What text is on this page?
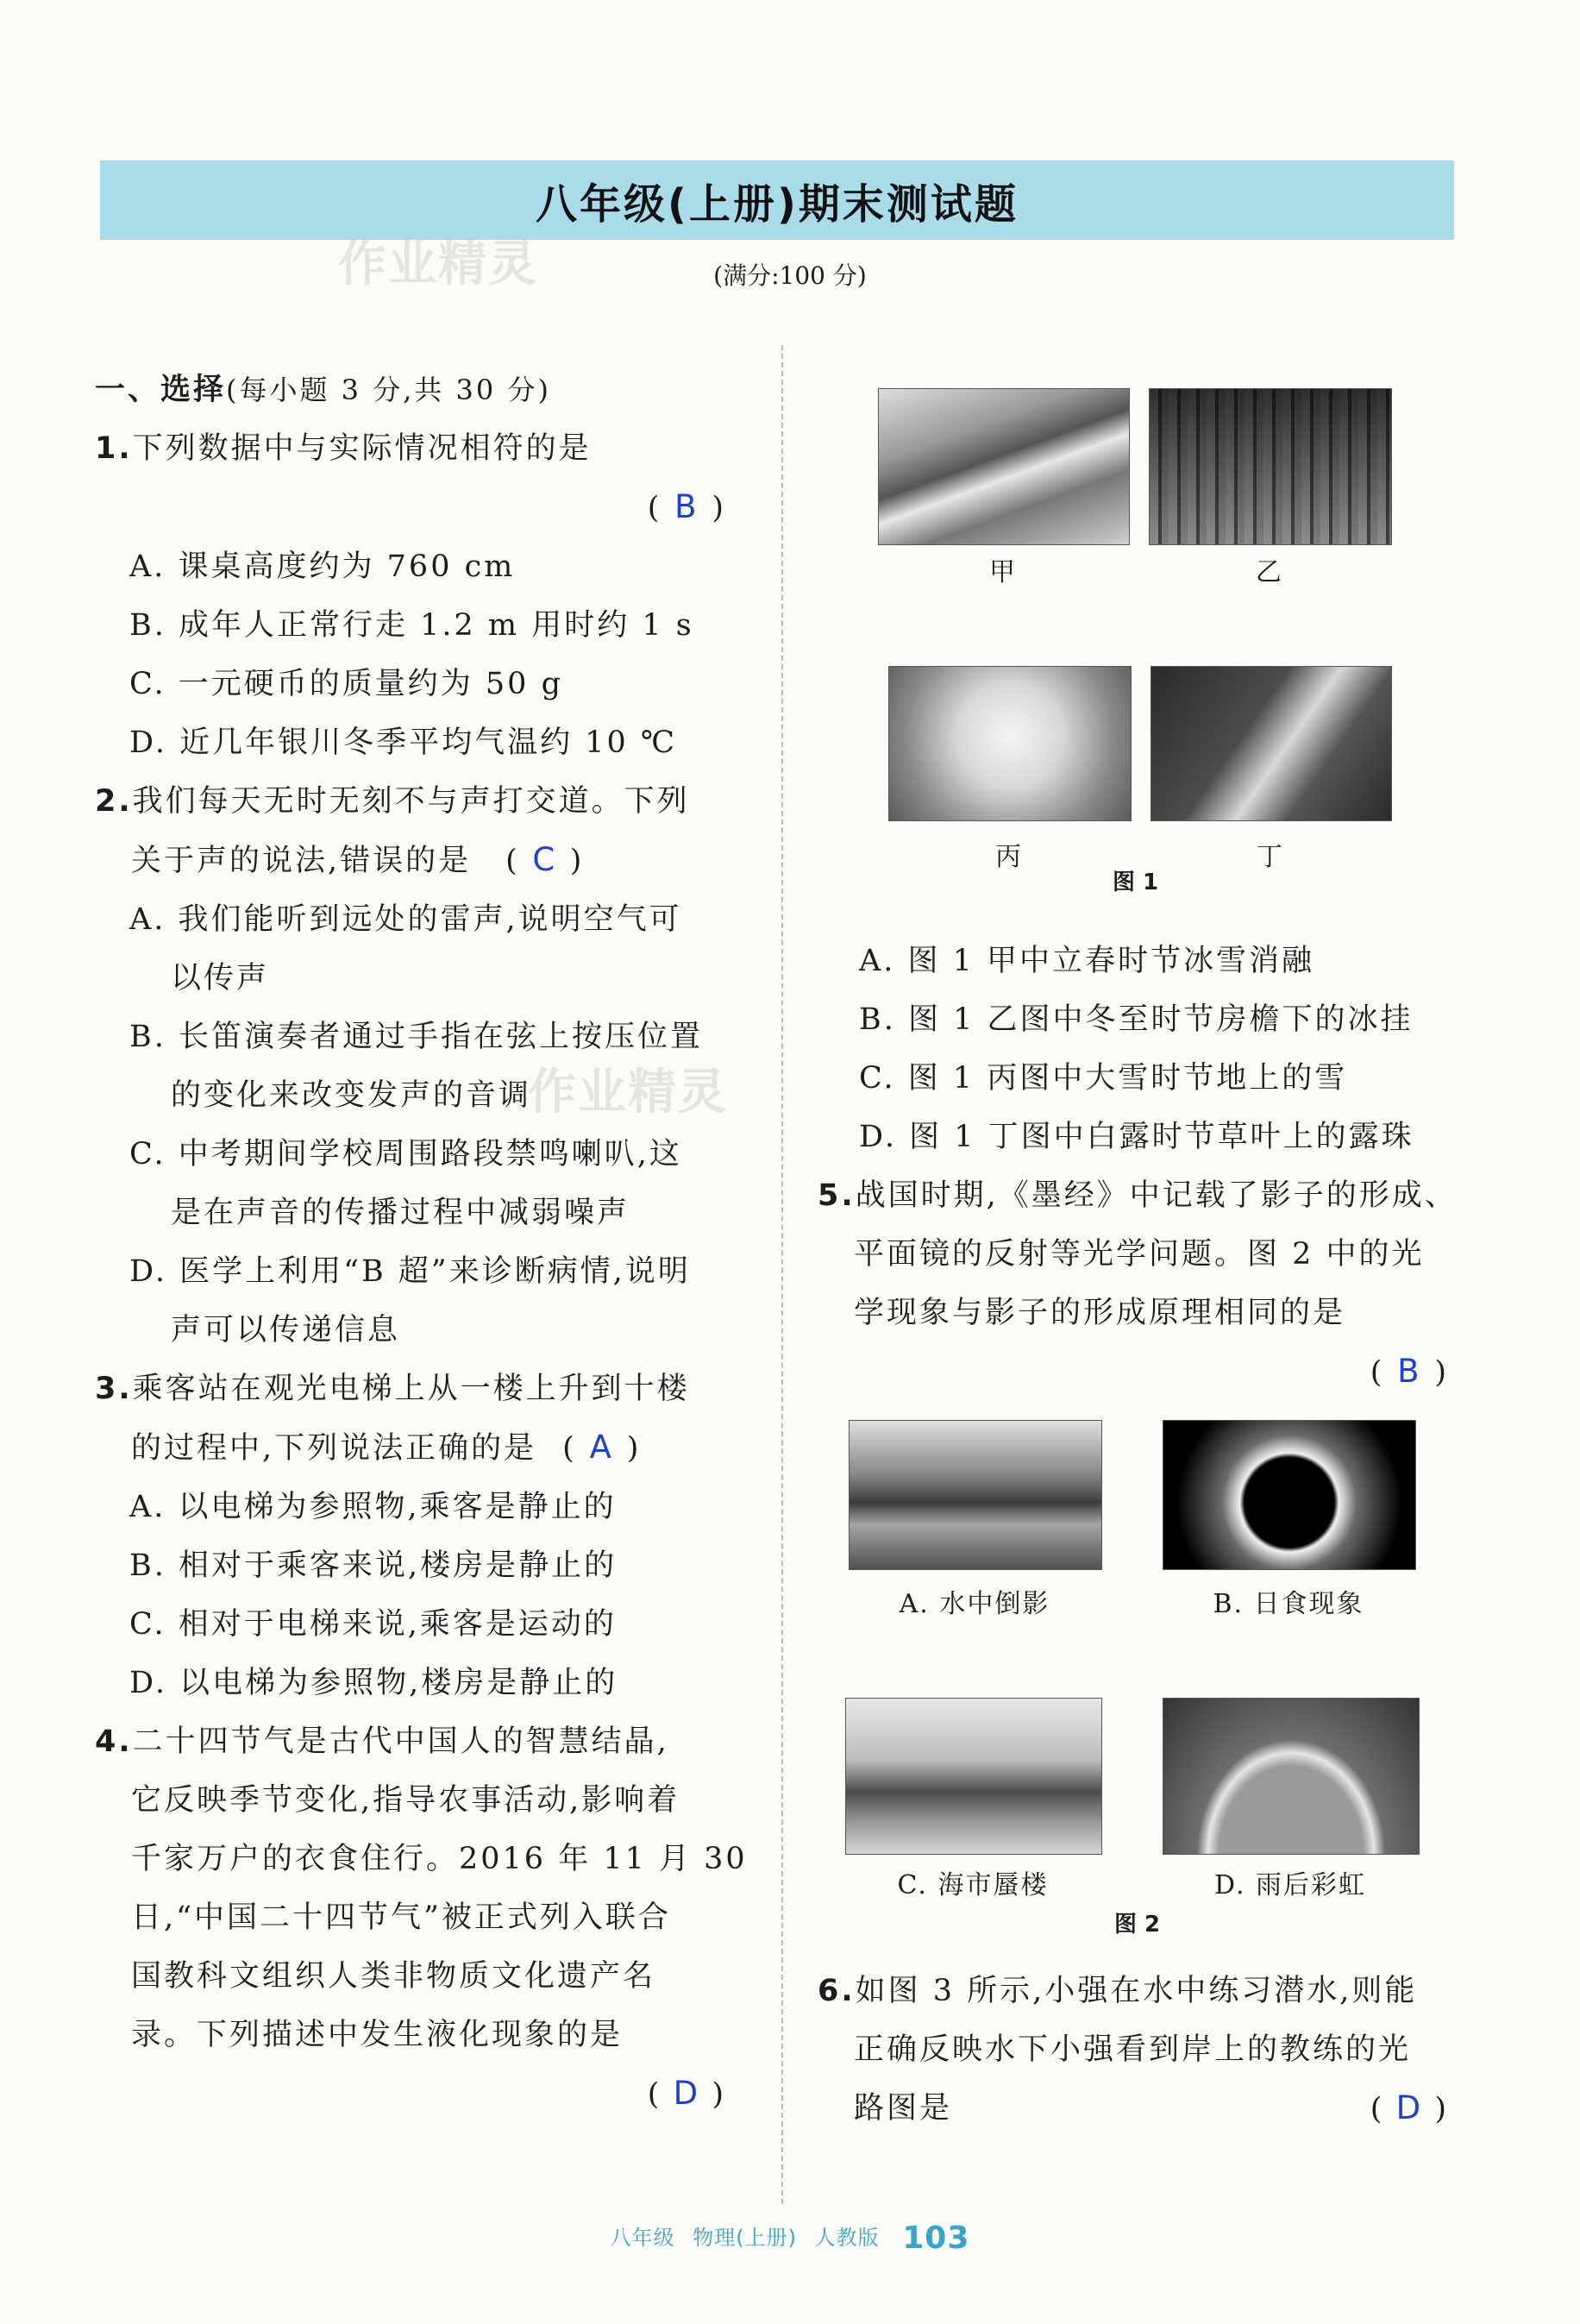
八年级(上册)期末测试题
作业精灵
作业精灵
(满分:100 分)
一、选择(每小题 3 分,共 30 分)
1.下列数据中与实际情况相符的是
( B )
A. 课桌高度约为 760 cm
B. 成年人正常行走 1.2 m 用时约 1 s
C. 一元硬币的质量约为 50 g
D. 近几年银川冬季平均气温约 10 ℃
2.我们每天无时无刻不与声打交道。下列
关于声的说法,错误的是 ( C )
A. 我们能听到远处的雷声,说明空气可
以传声
B. 长笛演奏者通过手指在弦上按压位置
的变化来改变发声的音调
C. 中考期间学校周围路段禁鸣喇叭,这
是在声音的传播过程中减弱噪声
D. 医学上利用“B 超”来诊断病情,说明
声可以传递信息
3.乘客站在观光电梯上从一楼上升到十楼
的过程中,下列说法正确的是 ( A )
A. 以电梯为参照物,乘客是静止的
B. 相对于乘客来说,楼房是静止的
C. 相对于电梯来说,乘客是运动的
D. 以电梯为参照物,楼房是静止的
4.二十四节气是古代中国人的智慧结晶,
它反映季节变化,指导农事活动,影响着
千家万户的衣食住行。2016 年 11 月 30
日,“中国二十四节气”被正式列入联合
国教科文组织人类非物质文化遗产名
录。下列描述中发生液化现象的是
( D )
甲	乙
丙	丁
图 1
A. 图 1 甲中立春时节冰雪消融
B. 图 1 乙图中冬至时节房檐下的冰挂
C. 图 1 丙图中大雪时节地上的雪
D. 图 1 丁图中白露时节草叶上的露珠
5.战国时期,《墨经》中记载了影子的形成、
平面镜的反射等光学问题。图 2 中的光
学现象与影子的形成原理相同的是
( B )
A. 水中倒影	B. 日食现象
C. 海市蜃楼	D. 雨后彩虹
图 2
6.如图 3 所示,小强在水中练习潜水,则能
正确反映水下小强看到岸上的教练的光
路图是	( D )
八年级 物理(上册) 人教版 103
